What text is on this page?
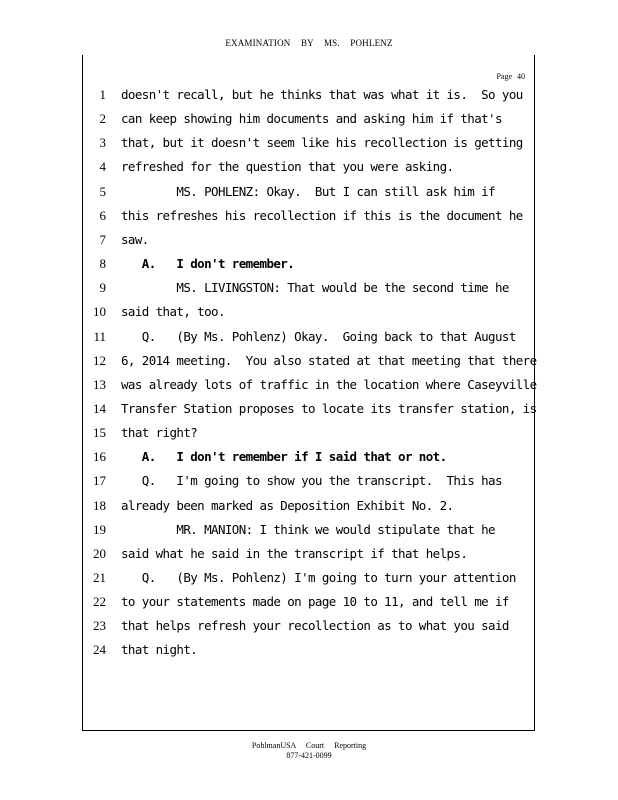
EXAMINATION BY MS. POHLENZ
Page 40
1 doesn't recall, but he thinks that was what it is.  So you
2 can keep showing him documents and asking him if that's
3 that, but it doesn't seem like his recollection is getting
4 refreshed for the question that you were asking.
5 MS. POHLENZ: Okay.  But I can still ask him if
6 this refreshes his recollection if this is the document he
7 saw.
8 A.   I don't remember.
9 MS. LIVINGSTON: That would be the second time he
10 said that, too.
11 Q.   (By Ms. Pohlenz) Okay.  Going back to that August
12 6, 2014 meeting.  You also stated at that meeting that there
13 was already lots of traffic in the location where Caseyville
14 Transfer Station proposes to locate its transfer station, is
15 that right?
16 A.   I don't remember if I said that or not.
17 Q.   I'm going to show you the transcript.  This has
18 already been marked as Deposition Exhibit No. 2.
19 MR. MANION: I think we would stipulate that he
20 said what he said in the transcript if that helps.
21 Q.   (By Ms. Pohlenz) I'm going to turn your attention
22 to your statements made on page 10 to 11, and tell me if
23 that helps refresh your recollection as to what you said
24 that night.
PohlmanUSA Court Reporting
877-421-0099
